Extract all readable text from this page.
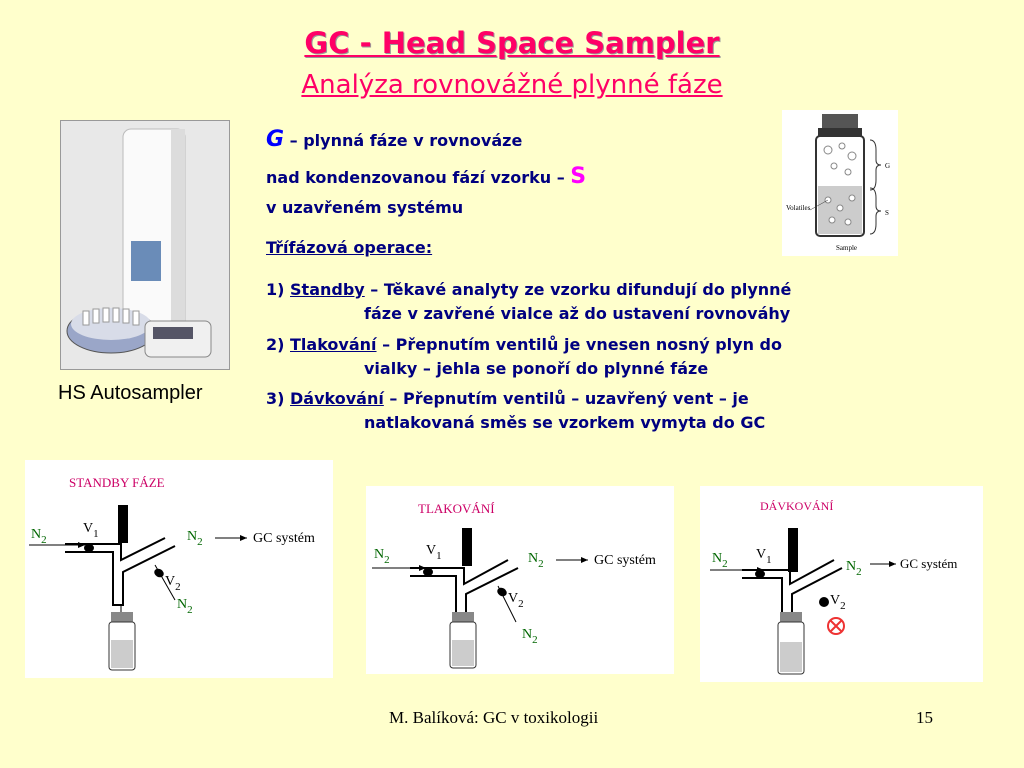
GC - Head Space Sampler
Analýza rovnovážné plynné fáze
HS Autosampler
G
S
Volatiles
Sample
G – plynná fáze v rovnováze
nad kondenzovanou fází vzorku – S
v uzavřeném systému
Třífázová operace:
1) Standby – Těkavé analyty ze vzorku difundují do plynné
fáze v zavřené vialce až do ustavení rovnováhy
2) Tlakování – Přepnutím ventilů je vnesen nosný plyn do
vialky – jehla se ponoří do plynné fáze
3) Dávkování – Přepnutím ventilů – uzavřený vent – je
natlakovaná směs se vzorkem vymyta do GC
STANDBY FÁZE
$N_2$
$V_1$
$V_2$
$N_2$	GC systém
$N_2$
TLAKOVÁNÍ
$N_2$
$V_1$
$V_2$
$N_2$	GC systém
$N_2$
DÁVKOVÁNÍ
$N_2$
$V_1$
$V_2$
$N_2$
GC systém
M. Balíková: GC v toxikologii	15
